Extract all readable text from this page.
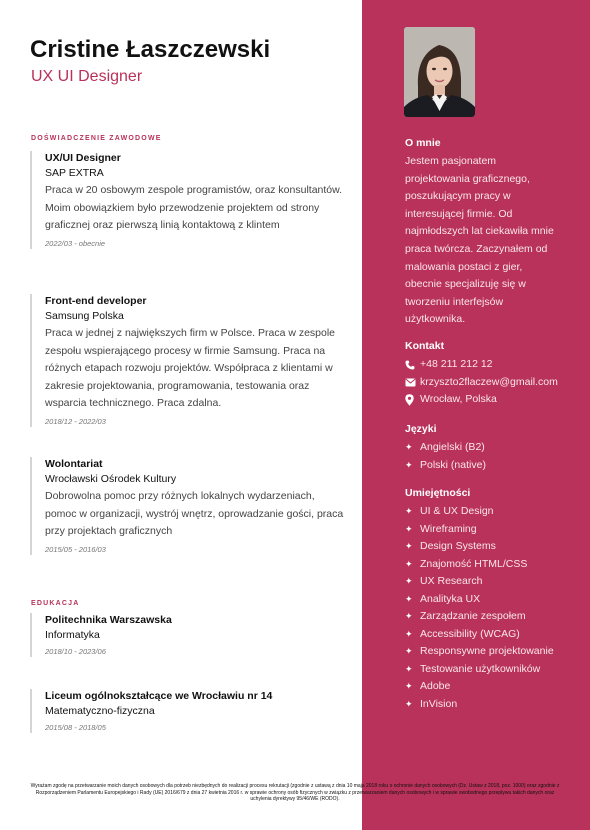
Cristine Łaszczewski
UX UI Designer
DOŚWIADCZENIE ZAWODOWE
UX/UI Designer
SAP EXTRA
Praca w 20 osbowym zespole programistów, oraz konsultantów. Moim obowiązkiem było przewodzenie projektem od strony graficznej oraz pierwszą linią kontaktową z klintem
2022/03 - obecnie
Front-end developer
Samsung Polska
Praca w jednej z największych firm w Polsce. Praca w zespole zespołu wspierającego procesy w firmie Samsung. Praca na różnych etapach rozwoju projektów. Współpraca z klientami w zakresie projektowania, programowania, testowania oraz wsparcia technicznego. Praca zdalna.
2018/12 - 2022/03
Wolontariat
Wrocławski Ośrodek Kultury
Dobrowolna pomoc przy różnych lokalnych wydarzeniach, pomoc w organizacji, wystrój wnętrz, oprowadzanie gości, praca przy projektach graficznych
2015/05 - 2016/03
EDUKACJA
Politechnika Warszawska
Informatyka
2018/10 - 2023/06
Liceum ogólnokształcące we Wrocławiu nr 14
Matematyczno-fizyczna
2015/08 - 2018/05
O mnie
Jestem pasjonatem projektowania graficznego, poszukującym pracy w interesującej firmie. Od najmłodszych lat ciekawiła mnie praca twórcza. Zaczynałem od malowania postaci z gier, obecnie specjalizuję się w tworzeniu interfejsów użytkownika.
Kontakt
+48 211 212 12
krzyszto2flaczew@gmail.com
Wrocław, Polska
Języki
✦ Angielski (B2)
✦ Polski (native)
Umiejętności
✦ UI & UX Design
✦ Wireframing
✦ Design Systems
✦ Znajomość HTML/CSS
✦ UX Research
✦ Analityka UX
✦ Zarządzanie zespołem
✦ Accessibility (WCAG)
✦ Responsywne projektowanie
✦ Testowanie użytkowników
✦ Adobe
✦ InVision
Wyrażam zgodę na przetwarzanie moich danych osobowych dla potrzeb niezbędnych do realizacji procesu rekrutacji (zgodnie z ustawą z dnia 10 maja 2018 roku o ochronie danych osobowych (Dz. Ustaw z 2018, poz. 1000) oraz zgodnie z Rozporządzeniem Parlamentu Europejskiego i Rady (UE) 2016/679 z dnia 27 kwietnia 2016 r. w sprawie ochrony osób fizycznych w związku z przetwarzaniem danych osobowych i w sprawie swobodnego przepływu takich danych oraz uchylenia dyrektywy 95/46/WE (RODO).
